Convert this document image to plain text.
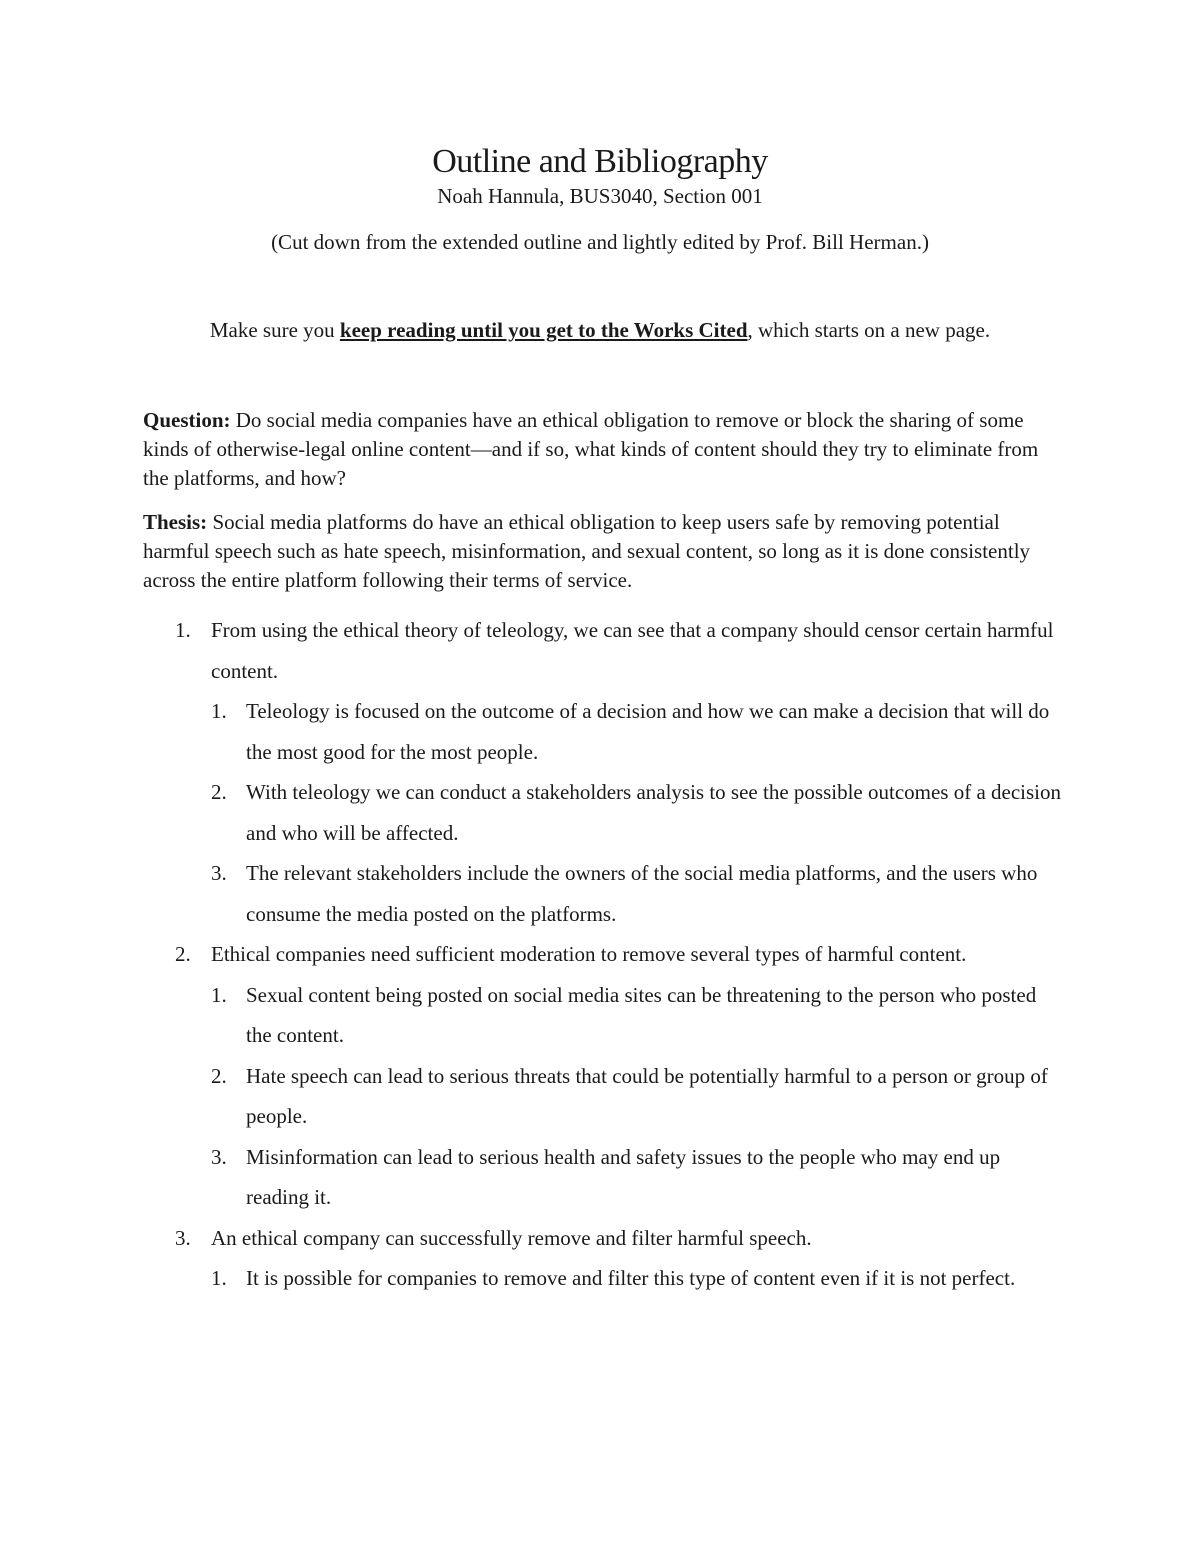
Outline and Bibliography
Noah Hannula, BUS3040, Section 001
(Cut down from the extended outline and lightly edited by Prof. Bill Herman.)
Make sure you keep reading until you get to the Works Cited, which starts on a new page.
Question: Do social media companies have an ethical obligation to remove or block the sharing of some kinds of otherwise-legal online content—and if so, what kinds of content should they try to eliminate from the platforms, and how?
Thesis: Social media platforms do have an ethical obligation to keep users safe by removing potential harmful speech such as hate speech, misinformation, and sexual content, so long as it is done consistently across the entire platform following their terms of service.
1. From using the ethical theory of teleology, we can see that a company should censor certain harmful content.
1. Teleology is focused on the outcome of a decision and how we can make a decision that will do the most good for the most people.
2. With teleology we can conduct a stakeholders analysis to see the possible outcomes of a decision and who will be affected.
3. The relevant stakeholders include the owners of the social media platforms, and the users who consume the media posted on the platforms.
2. Ethical companies need sufficient moderation to remove several types of harmful content.
1. Sexual content being posted on social media sites can be threatening to the person who posted the content.
2. Hate speech can lead to serious threats that could be potentially harmful to a person or group of people.
3. Misinformation can lead to serious health and safety issues to the people who may end up reading it.
3. An ethical company can successfully remove and filter harmful speech.
1. It is possible for companies to remove and filter this type of content even if it is not perfect.
